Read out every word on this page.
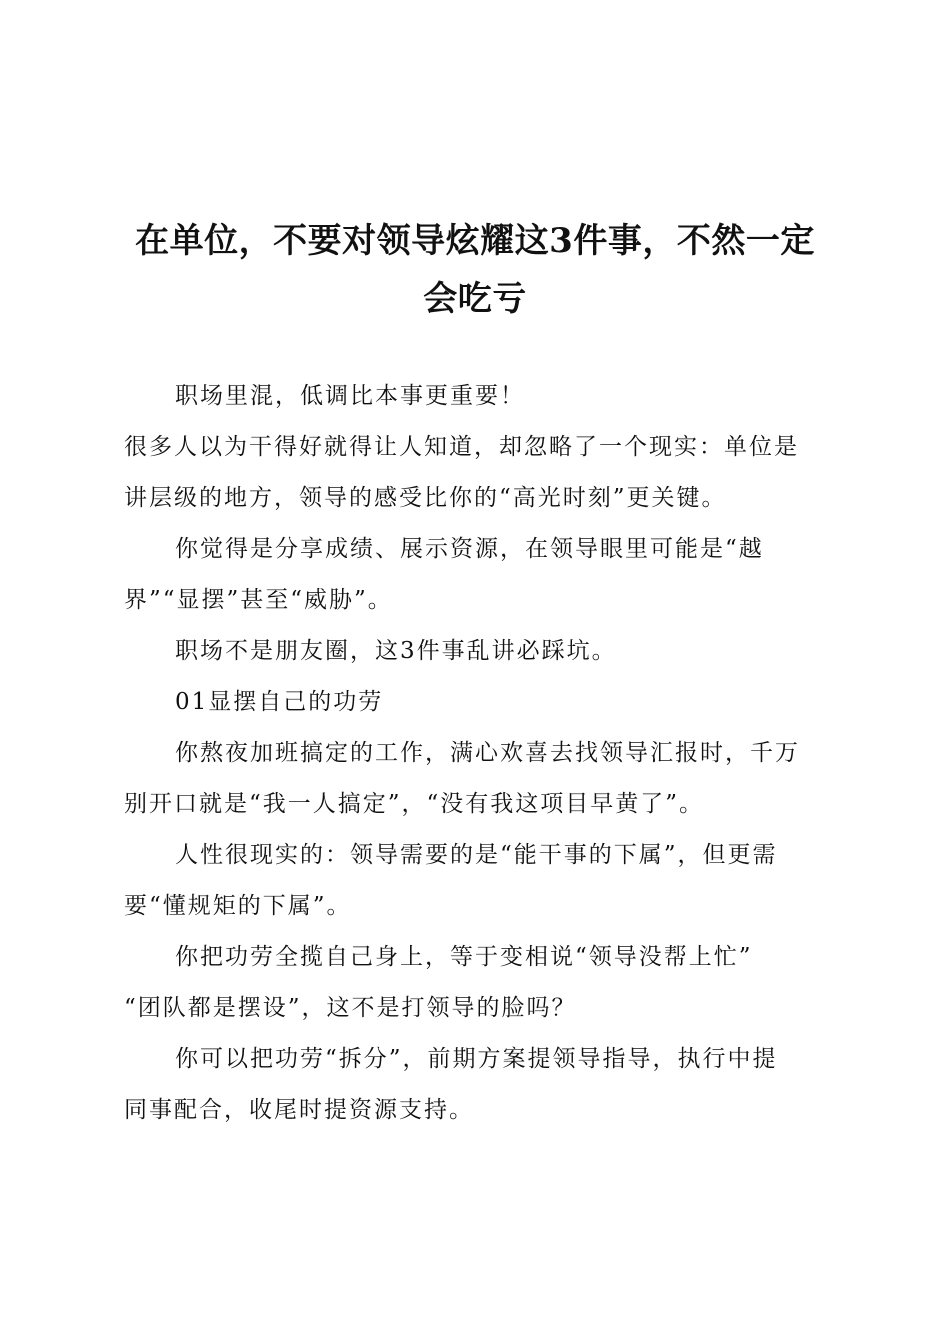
在单位，不要对领导炫耀这3件事，不然一定
会吃亏

职场里混，低调比本事更重要！

很多人以为干得好就得让人知道，却忽略了一个现实：单位是

讲层级的地方，领导的感受比你的“高光时刻”更关键。

你觉得是分享成绩、展示资源，在领导眼里可能是“越

界”“显摆”甚至“威胁”。

职场不是朋友圈，这3件事乱讲必踩坑。

01显摆自己的功劳

你熬夜加班搞定的工作，满心欢喜去找领导汇报时，千万

别开口就是“我一人搞定”，“没有我这项目早黄了”。

人性很现实的：领导需要的是“能干事的下属”，但更需

要“懂规矩的下属”。

你把功劳全揽自己身上，等于变相说“领导没帮上忙”

“团队都是摆设”，这不是打领导的脸吗？

你可以把功劳“拆分”，前期方案提领导指导，执行中提

同事配合，收尾时提资源支持。
